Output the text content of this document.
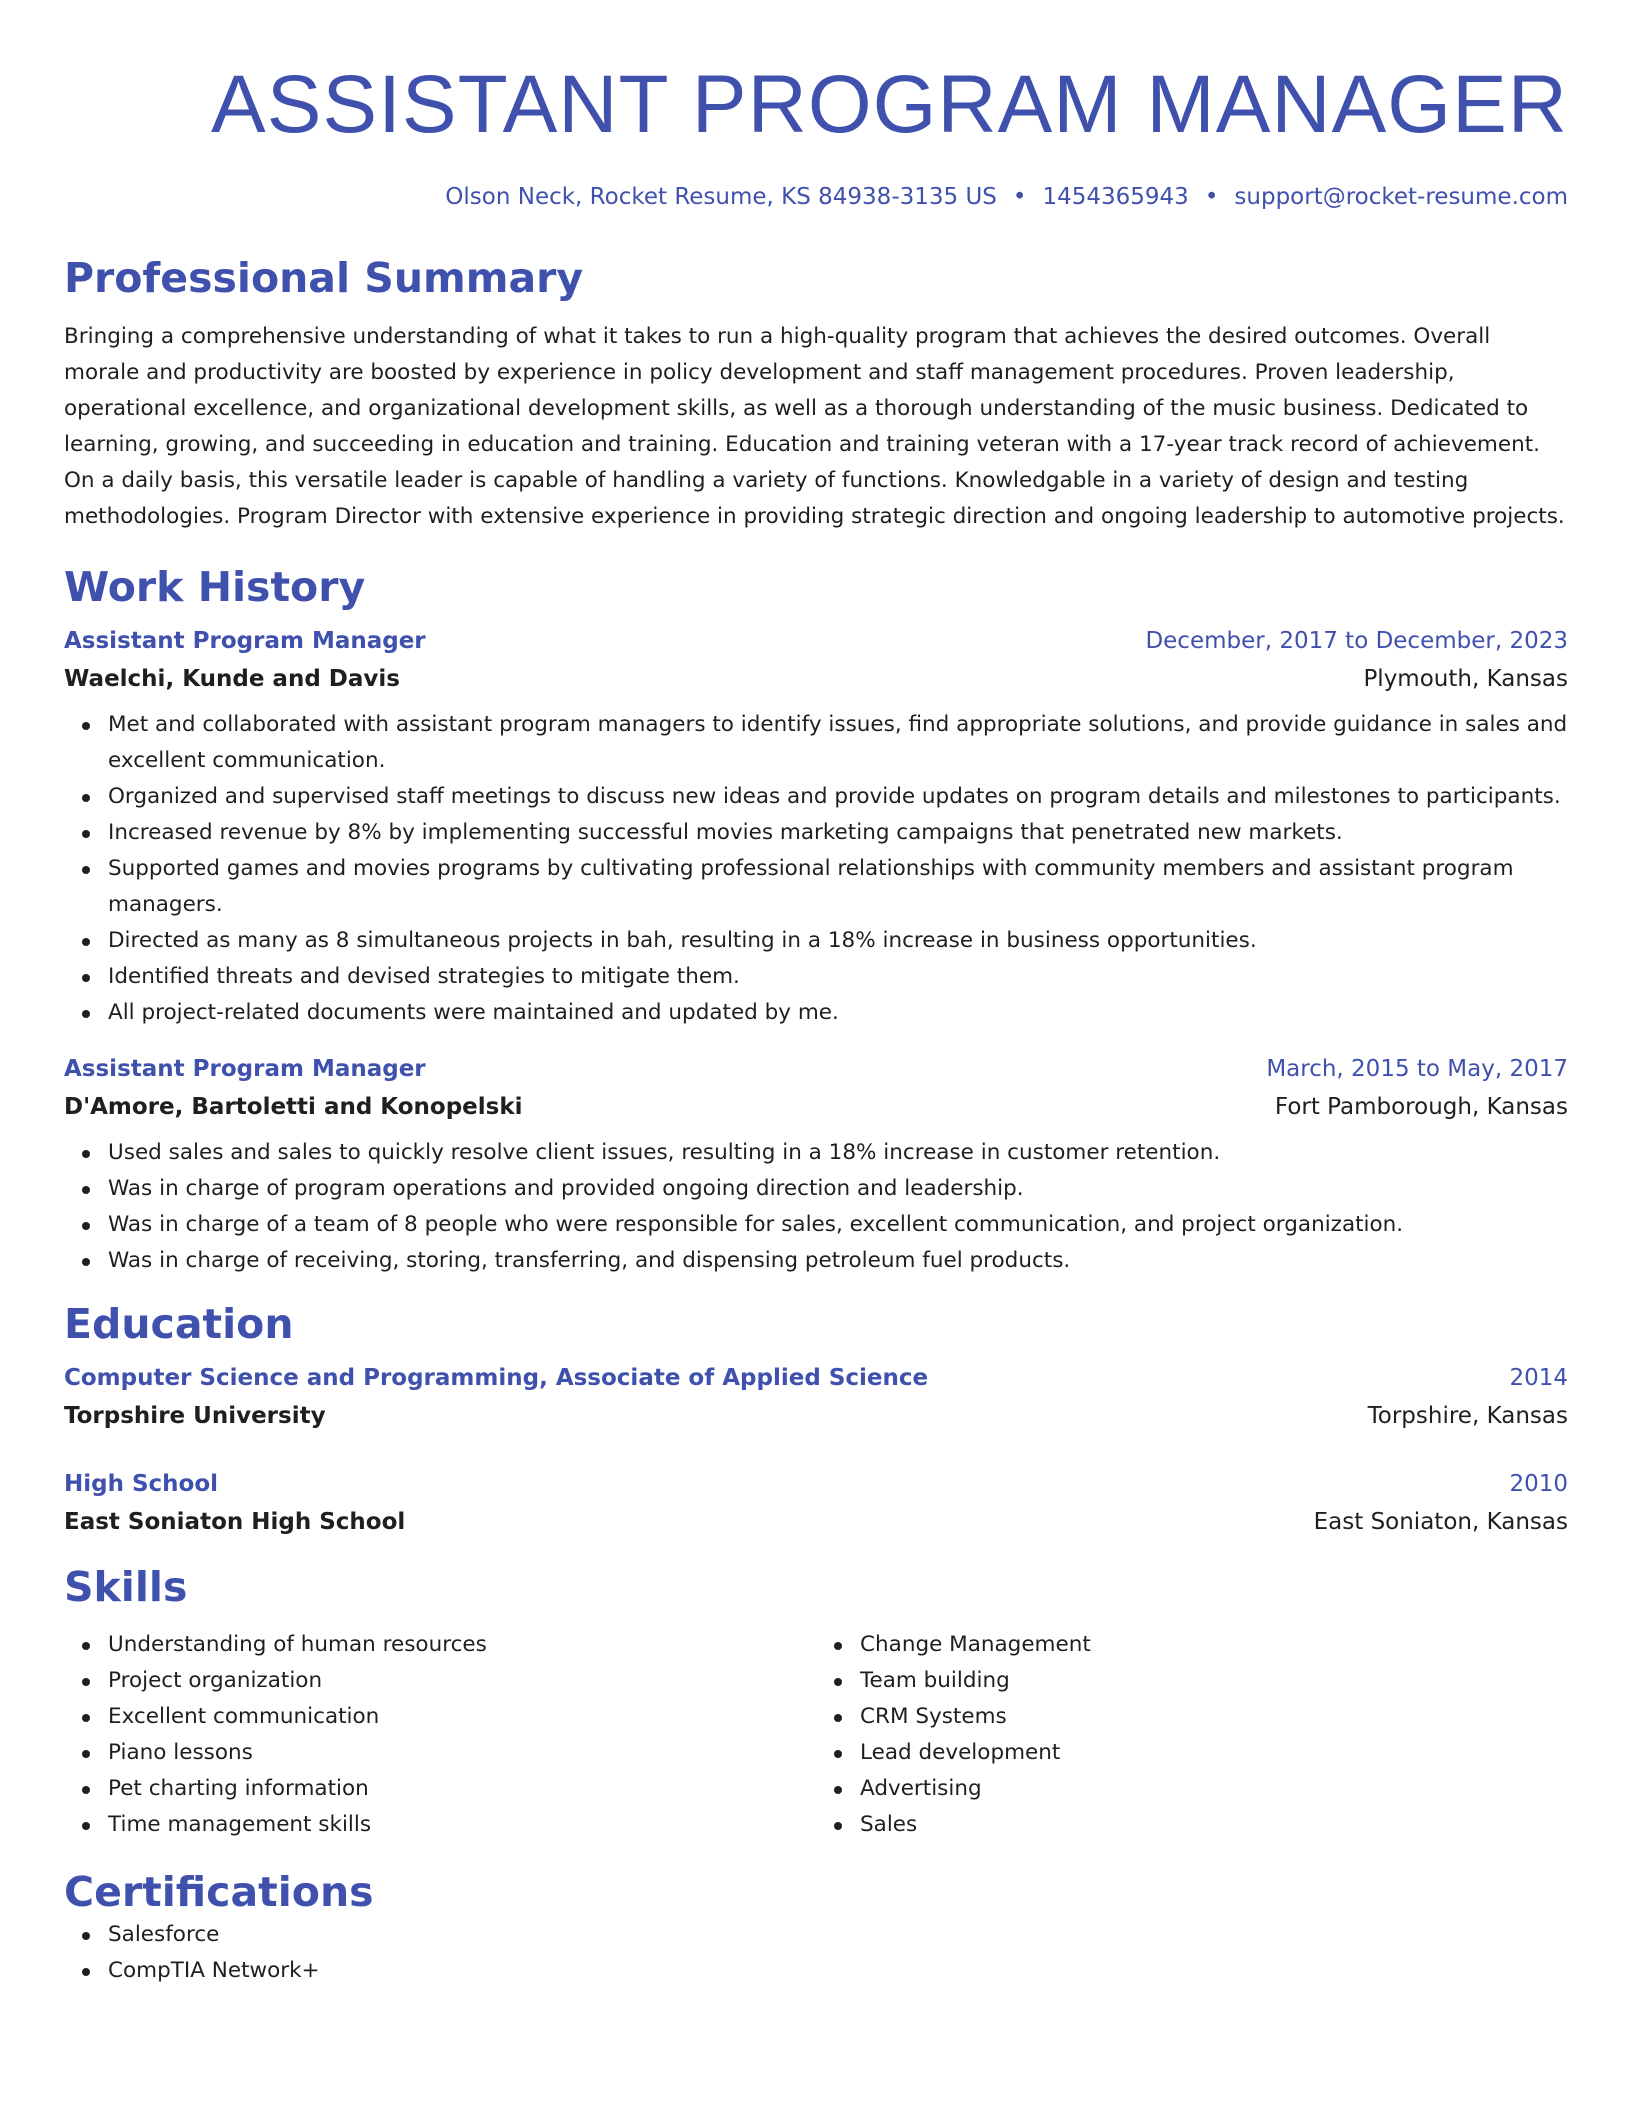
ASSISTANT PROGRAM MANAGER
Olson Neck, Rocket Resume, KS 84938-3135 US • 1454365943 • support@rocket-resume.com
Professional Summary
Bringing a comprehensive understanding of what it takes to run a high-quality program that achieves the desired outcomes. Overall morale and productivity are boosted by experience in policy development and staff management procedures. Proven leadership, operational excellence, and organizational development skills, as well as a thorough understanding of the music business. Dedicated to learning, growing, and succeeding in education and training. Education and training veteran with a 17-year track record of achievement. On a daily basis, this versatile leader is capable of handling a variety of functions. Knowledgable in a variety of design and testing methodologies. Program Director with extensive experience in providing strategic direction and ongoing leadership to automotive projects.
Work History
Assistant Program Manager	December, 2017 to December, 2023
Waelchi, Kunde and Davis	Plymouth, Kansas
Met and collaborated with assistant program managers to identify issues, find appropriate solutions, and provide guidance in sales and excellent communication.
Organized and supervised staff meetings to discuss new ideas and provide updates on program details and milestones to participants.
Increased revenue by 8% by implementing successful movies marketing campaigns that penetrated new markets.
Supported games and movies programs by cultivating professional relationships with community members and assistant program managers.
Directed as many as 8 simultaneous projects in bah, resulting in a 18% increase in business opportunities.
Identified threats and devised strategies to mitigate them.
All project-related documents were maintained and updated by me.
Assistant Program Manager	March, 2015 to May, 2017
D'Amore, Bartoletti and Konopelski	Fort Pamborough, Kansas
Used sales and sales to quickly resolve client issues, resulting in a 18% increase in customer retention.
Was in charge of program operations and provided ongoing direction and leadership.
Was in charge of a team of 8 people who were responsible for sales, excellent communication, and project organization.
Was in charge of receiving, storing, transferring, and dispensing petroleum fuel products.
Education
Computer Science and Programming, Associate of Applied Science	2014
Torpshire University	Torpshire, Kansas
High School	2010
East Soniaton High School	East Soniaton, Kansas
Skills
Understanding of human resources
Project organization
Excellent communication
Piano lessons
Pet charting information
Time management skills
Change Management
Team building
CRM Systems
Lead development
Advertising
Sales
Certifications
Salesforce
CompTIA Network+
